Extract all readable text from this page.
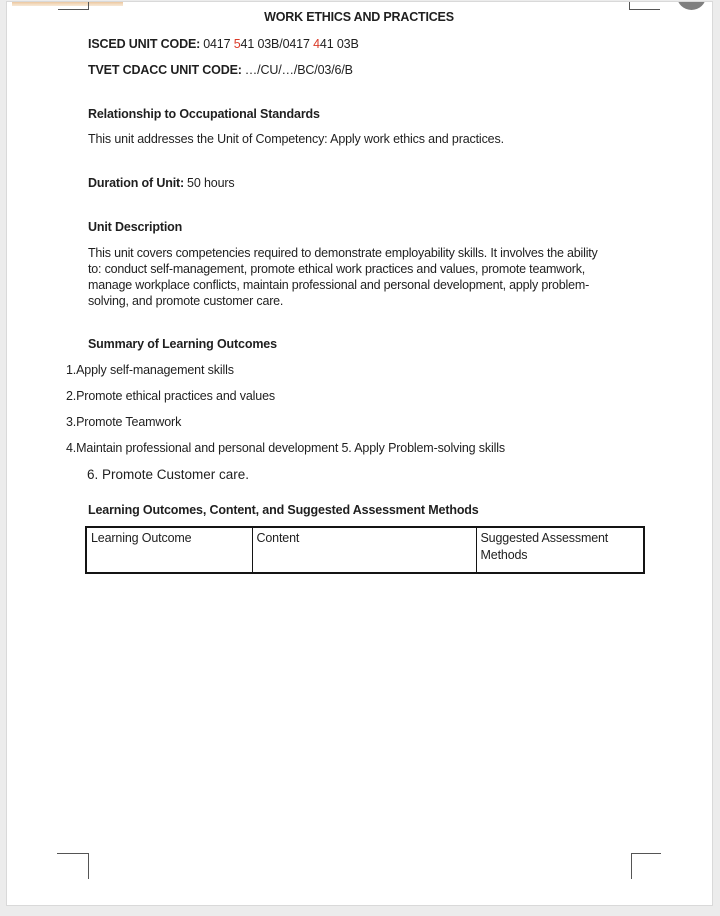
WORK ETHICS AND PRACTICES
ISCED UNIT CODE: 0417 541 03B/0417 441 03B
TVET CDACC UNIT CODE: …/CU/…/BC/03/6/B
Relationship to Occupational Standards
This unit addresses the Unit of Competency: Apply work ethics and practices.
Duration of Unit: 50 hours
Unit Description
This unit covers competencies required to demonstrate employability skills. It involves the ability to: conduct self-management, promote ethical work practices and values, promote teamwork, manage workplace conflicts, maintain professional and personal development, apply problem-solving, and promote customer care.
Summary of Learning Outcomes
1.Apply self-management skills
2.Promote ethical practices and values
3.Promote Teamwork
4.Maintain professional and personal development 5. Apply Problem-solving skills
6. Promote Customer care.
Learning Outcomes, Content, and Suggested Assessment Methods
Learning Outcome	Content	Suggested Assessment Methods
